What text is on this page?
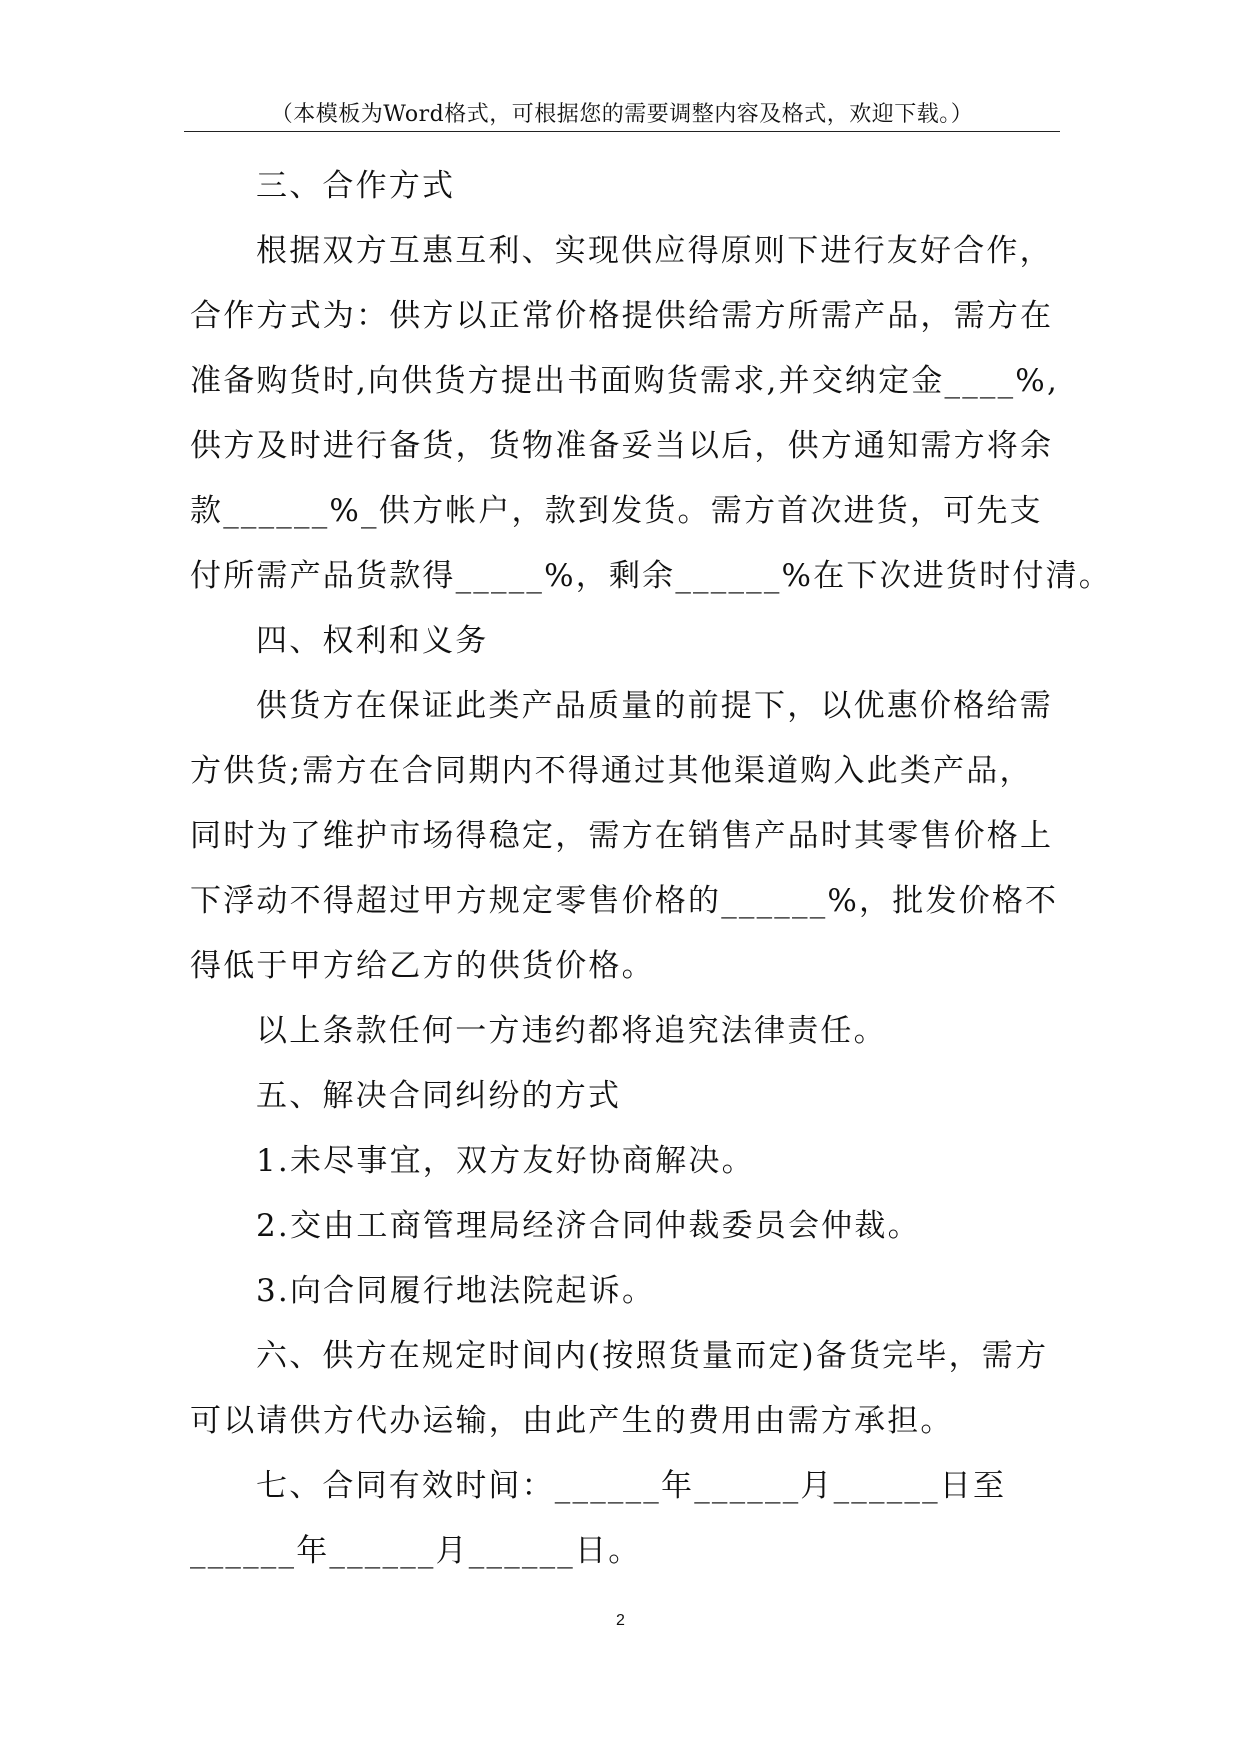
（本模板为Word格式，可根据您的需要调整内容及格式，欢迎下载。）
三、合作方式
根据双方互惠互利、实现供应得原则下进行友好合作，
合作方式为：供方以正常价格提供给需方所需产品，需方在
准备购货时,向供货方提出书面购货需求,并交纳定金____%,
供方及时进行备货，货物准备妥当以后，供方通知需方将余
款______%_供方帐户，款到发货。需方首次进货，可先支
付所需产品货款得_____%，剩余______%在下次进货时付清。
四、权利和义务
供货方在保证此类产品质量的前提下，以优惠价格给需
方供货;需方在合同期内不得通过其他渠道购入此类产品，
同时为了维护市场得稳定，需方在销售产品时其零售价格上
下浮动不得超过甲方规定零售价格的______%，批发价格不
得低于甲方给乙方的供货价格。
以上条款任何一方违约都将追究法律责任。
五、解决合同纠纷的方式
1.未尽事宜，双方友好协商解决。
2.交由工商管理局经济合同仲裁委员会仲裁。
3.向合同履行地法院起诉。
六、供方在规定时间内(按照货量而定)备货完毕，需方
可以请供方代办运输，由此产生的费用由需方承担。
七、合同有效时间：______年______月______日至
______年______月______日。
2
